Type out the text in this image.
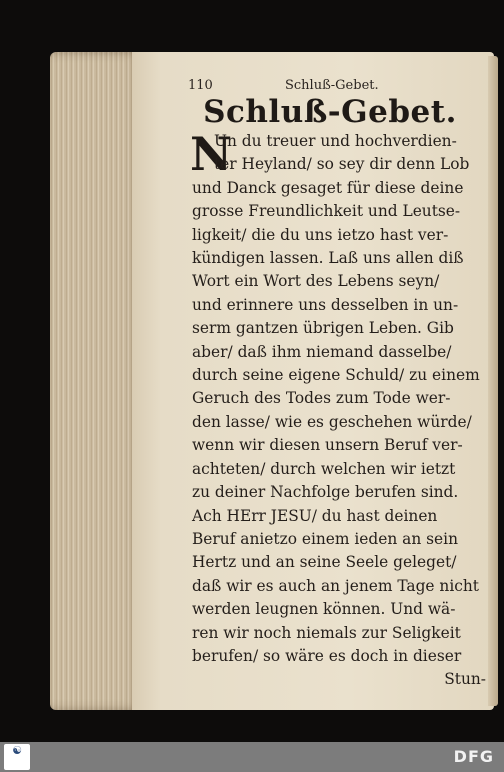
110	Schluß-Gebet.
Schluß-Gebet.
N
Un du treuer und hochverdien-
ter Heyland/ so sey dir denn Lob
und Danck gesaget für diese deine
grosse Freundlichkeit und Leutse-
ligkeit/ die du uns ietzo hast ver-
kündigen lassen. Laß uns allen diß
Wort ein Wort des Lebens seyn/
und erinnere uns desselben in un-
serm gantzen übrigen Leben. Gib
aber/ daß ihm niemand dasselbe/
durch seine eigene Schuld/ zu einem
Geruch des Todes zum Tode wer-
den lasse/ wie es geschehen würde/
wenn wir diesen unsern Beruf ver-
achteten/ durch welchen wir ietzt
zu deiner Nachfolge berufen sind.
Ach HErr JESU/ du hast deinen
Beruf anietzo einem ieden an sein
Hertz und an seine Seele geleget/
daß wir es auch an jenem Tage nicht
werden leugnen können. Und wä-
ren wir noch niemals zur Seligkeit
berufen/ so wäre es doch in dieser
Stun-
☯	DFG
